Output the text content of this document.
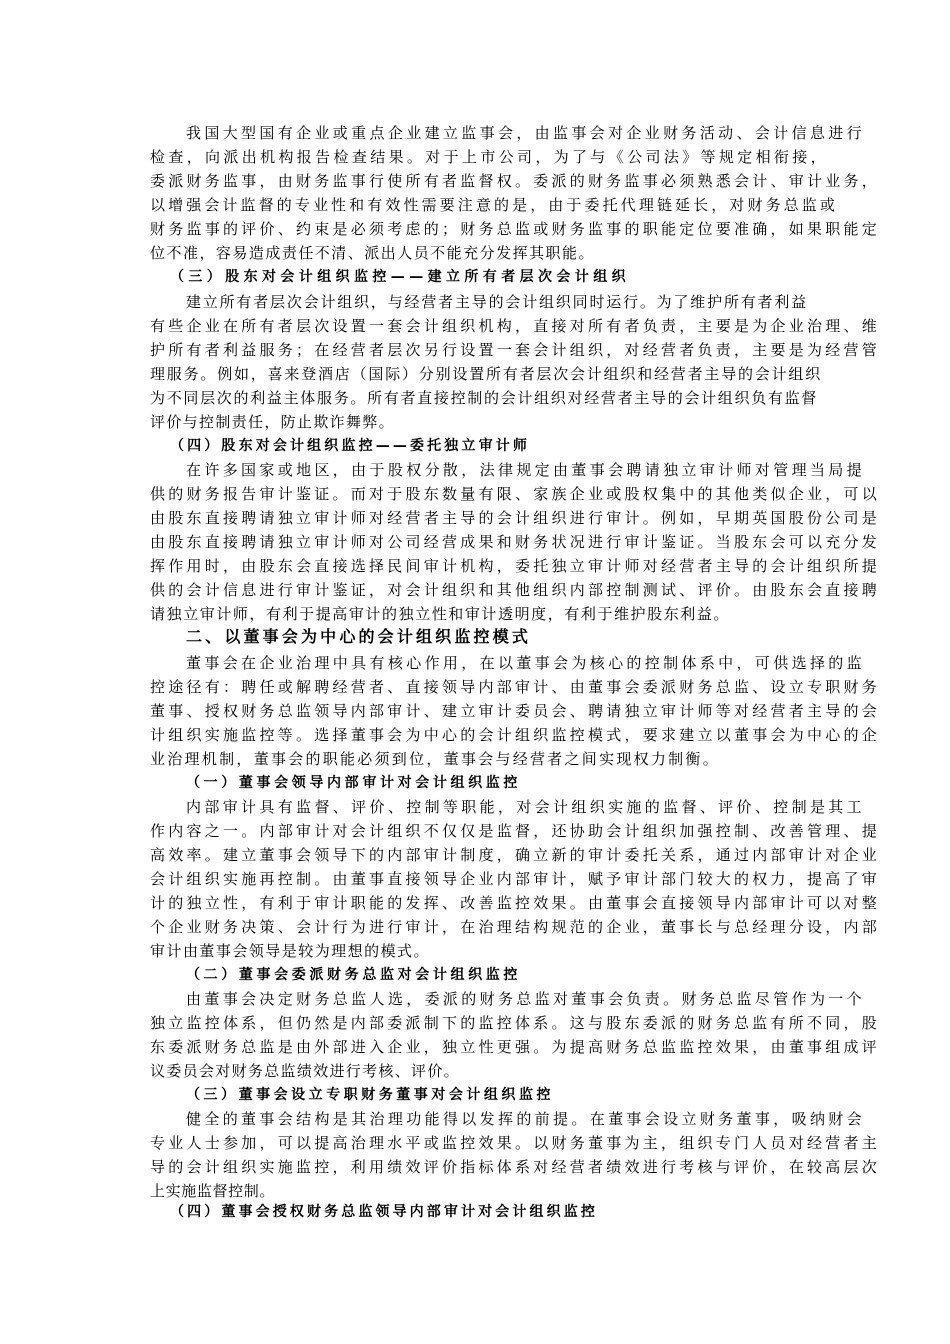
我国大型国有企业或重点企业建立监事会，由监事会对企业财务活动、会计信息进行
检查，向派出机构报告检查结果。对于上市公司，为了与《公司法》等规定相衔接，
委派财务监事，由财务监事行使所有者监督权。委派的财务监事必须熟悉会计、审计业务，
以增强会计监督的专业性和有效性需要注意的是，由于委托代理链延长，对财务总监或
财务监事的评价、约束是必须考虑的；财务总监或财务监事的职能定位要准确，如果职能定
位不准，容易造成责任不清、派出人员不能充分发挥其职能。
（三）股东对会计组织监控——建立所有者层次会计组织
建立所有者层次会计组织，与经营者主导的会计组织同时运行。为了维护所有者利益
有些企业在所有者层次设置一套会计组织机构，直接对所有者负责，主要是为企业治理、维
护所有者利益服务；在经营者层次另行设置一套会计组织，对经营者负责，主要是为经营管
理服务。例如，喜来登酒店（国际）分别设置所有者层次会计组织和经营者主导的会计组织
为不同层次的利益主体服务。所有者直接控制的会计组织对经营者主导的会计组织负有监督
评价与控制责任，防止欺诈舞弊。
（四）股东对会计组织监控——委托独立审计师
在许多国家或地区，由于股权分散，法律规定由董事会聘请独立审计师对管理当局提
供的财务报告审计鉴证。而对于股东数量有限、家族企业或股权集中的其他类似企业，可以
由股东直接聘请独立审计师对经营者主导的会计组织进行审计。例如，早期英国股份公司是
由股东直接聘请独立审计师对公司经营成果和财务状况进行审计鉴证。当股东会可以充分发
挥作用时，由股东会直接选择民间审计机构，委托独立审计师对经营者主导的会计组织所提
供的会计信息进行审计鉴证，对会计组织和其他组织内部控制测试、评价。由股东会直接聘
请独立审计师，有利于提高审计的独立性和审计透明度，有利于维护股东利益。
二、以董事会为中心的会计组织监控模式
董事会在企业治理中具有核心作用，在以董事会为核心的控制体系中，可供选择的监
控途径有：聘任或解聘经营者、直接领导内部审计、由董事会委派财务总监、设立专职财务
董事、授权财务总监领导内部审计、建立审计委员会、聘请独立审计师等对经营者主导的会
计组织实施监控等。选择董事会为中心的会计组织监控模式，要求建立以董事会为中心的企
业治理机制，董事会的职能必须到位，董事会与经营者之间实现权力制衡。
（一）董事会领导内部审计对会计组织监控
内部审计具有监督、评价、控制等职能，对会计组织实施的监督、评价、控制是其工
作内容之一。内部审计对会计组织不仅仅是监督，还协助会计组织加强控制、改善管理、提
高效率。建立董事会领导下的内部审计制度，确立新的审计委托关系，通过内部审计对企业
会计组织实施再控制。由董事直接领导企业内部审计，赋予审计部门较大的权力，提高了审
计的独立性，有利于审计职能的发挥、改善监控效果。由董事会直接领导内部审计可以对整
个企业财务决策、会计行为进行审计，在治理结构规范的企业，董事长与总经理分设，内部
审计由董事会领导是较为理想的模式。
（二）董事会委派财务总监对会计组织监控
由董事会决定财务总监人选，委派的财务总监对董事会负责。财务总监尽管作为一个
独立监控体系，但仍然是内部委派制下的监控体系。这与股东委派的财务总监有所不同，股
东委派财务总监是由外部进入企业，独立性更强。为提高财务总监监控效果，由董事组成评
议委员会对财务总监绩效进行考核、评价。
（三）董事会设立专职财务董事对会计组织监控
健全的董事会结构是其治理功能得以发挥的前提。在董事会设立财务董事，吸纳财会
专业人士参加，可以提高治理水平或监控效果。以财务董事为主，组织专门人员对经营者主
导的会计组织实施监控，利用绩效评价指标体系对经营者绩效进行考核与评价，在较高层次
上实施监督控制。
（四）董事会授权财务总监领导内部审计对会计组织监控
